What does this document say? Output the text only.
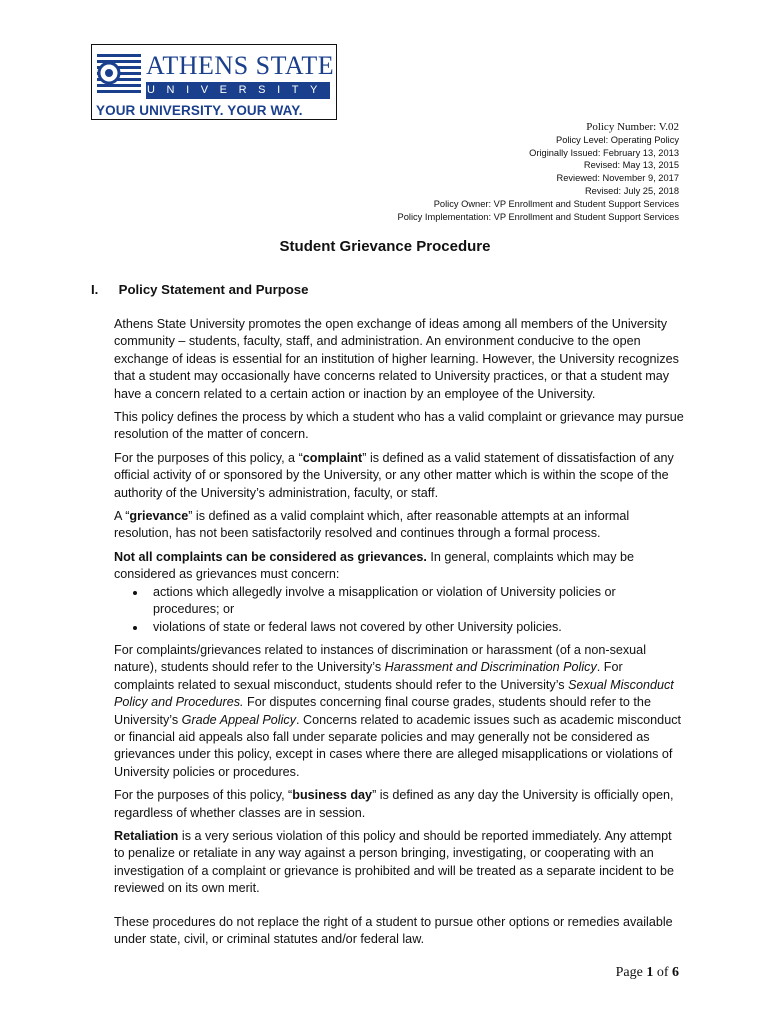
ATHENS STATE
UNIVERSITY
YOUR UNIVERSITY. YOUR WAY.
Policy Number: V.02
Policy Level: Operating Policy
Originally Issued: February 13, 2013
Revised: May 13, 2015
Reviewed: November 9, 2017
Revised: July 25, 2018
Policy Owner: VP Enrollment and Student Support Services
Policy Implementation: VP Enrollment and Student Support Services
Student Grievance Procedure
I. Policy Statement and Purpose

Athens State University promotes the open exchange of ideas among all members of the University community – students, faculty, staff, and administration. An environment conducive to the open exchange of ideas is essential for an institution of higher learning. However, the University recognizes that a student may occasionally have concerns related to University practices, or that a student may have a concern related to a certain action or inaction by an employee of the University.

This policy defines the process by which a student who has a valid complaint or grievance may pursue resolution of the matter of concern.

For the purposes of this policy, a “complaint” is defined as a valid statement of dissatisfaction of any official activity of or sponsored by the University, or any other matter which is within the scope of the authority of the University’s administration, faculty, or staff.

A “grievance” is defined as a valid complaint which, after reasonable attempts at an informal resolution, has not been satisfactorily resolved and continues through a formal process.

Not all complaints can be considered as grievances. In general, complaints which may be considered as grievances must concern:

• actions which allegedly involve a misapplication or violation of University policies or procedures; or
• violations of state or federal laws not covered by other University policies.

For complaints/grievances related to instances of discrimination or harassment (of a non-sexual nature), students should refer to the University’s Harassment and Discrimination Policy. For complaints related to sexual misconduct, students should refer to the University’s Sexual Misconduct Policy and Procedures. For disputes concerning final course grades, students should refer to the University’s Grade Appeal Policy. Concerns related to academic issues such as academic misconduct or financial aid appeals also fall under separate policies and may generally not be considered as grievances under this policy, except in cases where there are alleged misapplications or violations of University policies or procedures.

For the purposes of this policy, “business day” is defined as any day the University is officially open, regardless of whether classes are in session.

Retaliation is a very serious violation of this policy and should be reported immediately. Any attempt to penalize or retaliate in any way against a person bringing, investigating, or cooperating with an investigation of a complaint or grievance is prohibited and will be treated as a separate incident to be reviewed on its own merit.

These procedures do not replace the right of a student to pursue other options or remedies available under state, civil, or criminal statutes and/or federal law.

Page 1 of 6
